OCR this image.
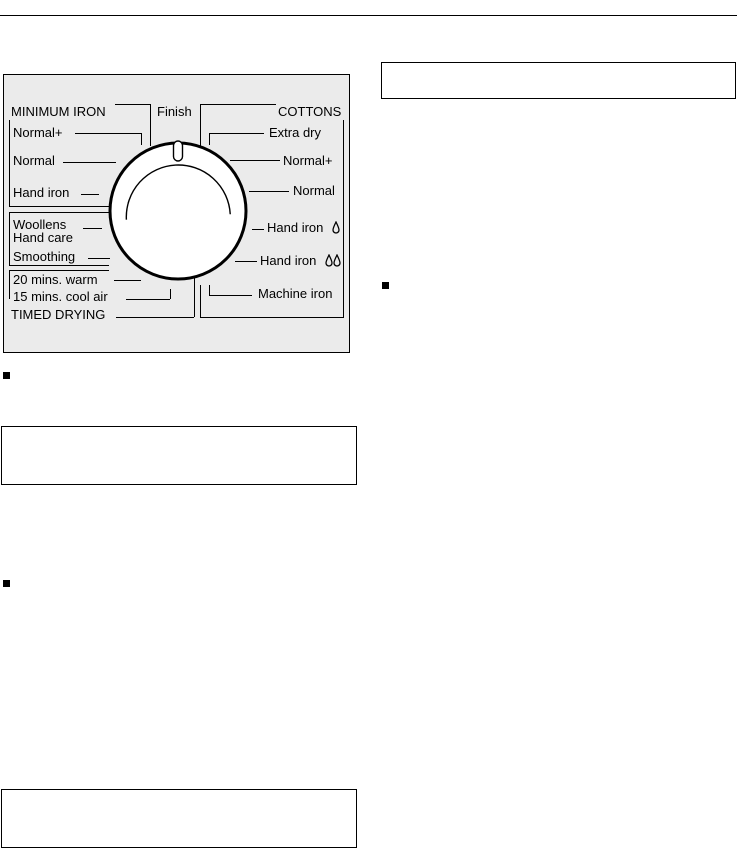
MINIMUM IRON
Normal+
Normal
Hand iron
Finish
Woollens
Hand care
Smoothing
20 mins. warm
15 mins. cool air
TIMED DRYING
COTTONS
Extra dry
Normal+
Normal
Hand iron
Hand iron
Machine iron
